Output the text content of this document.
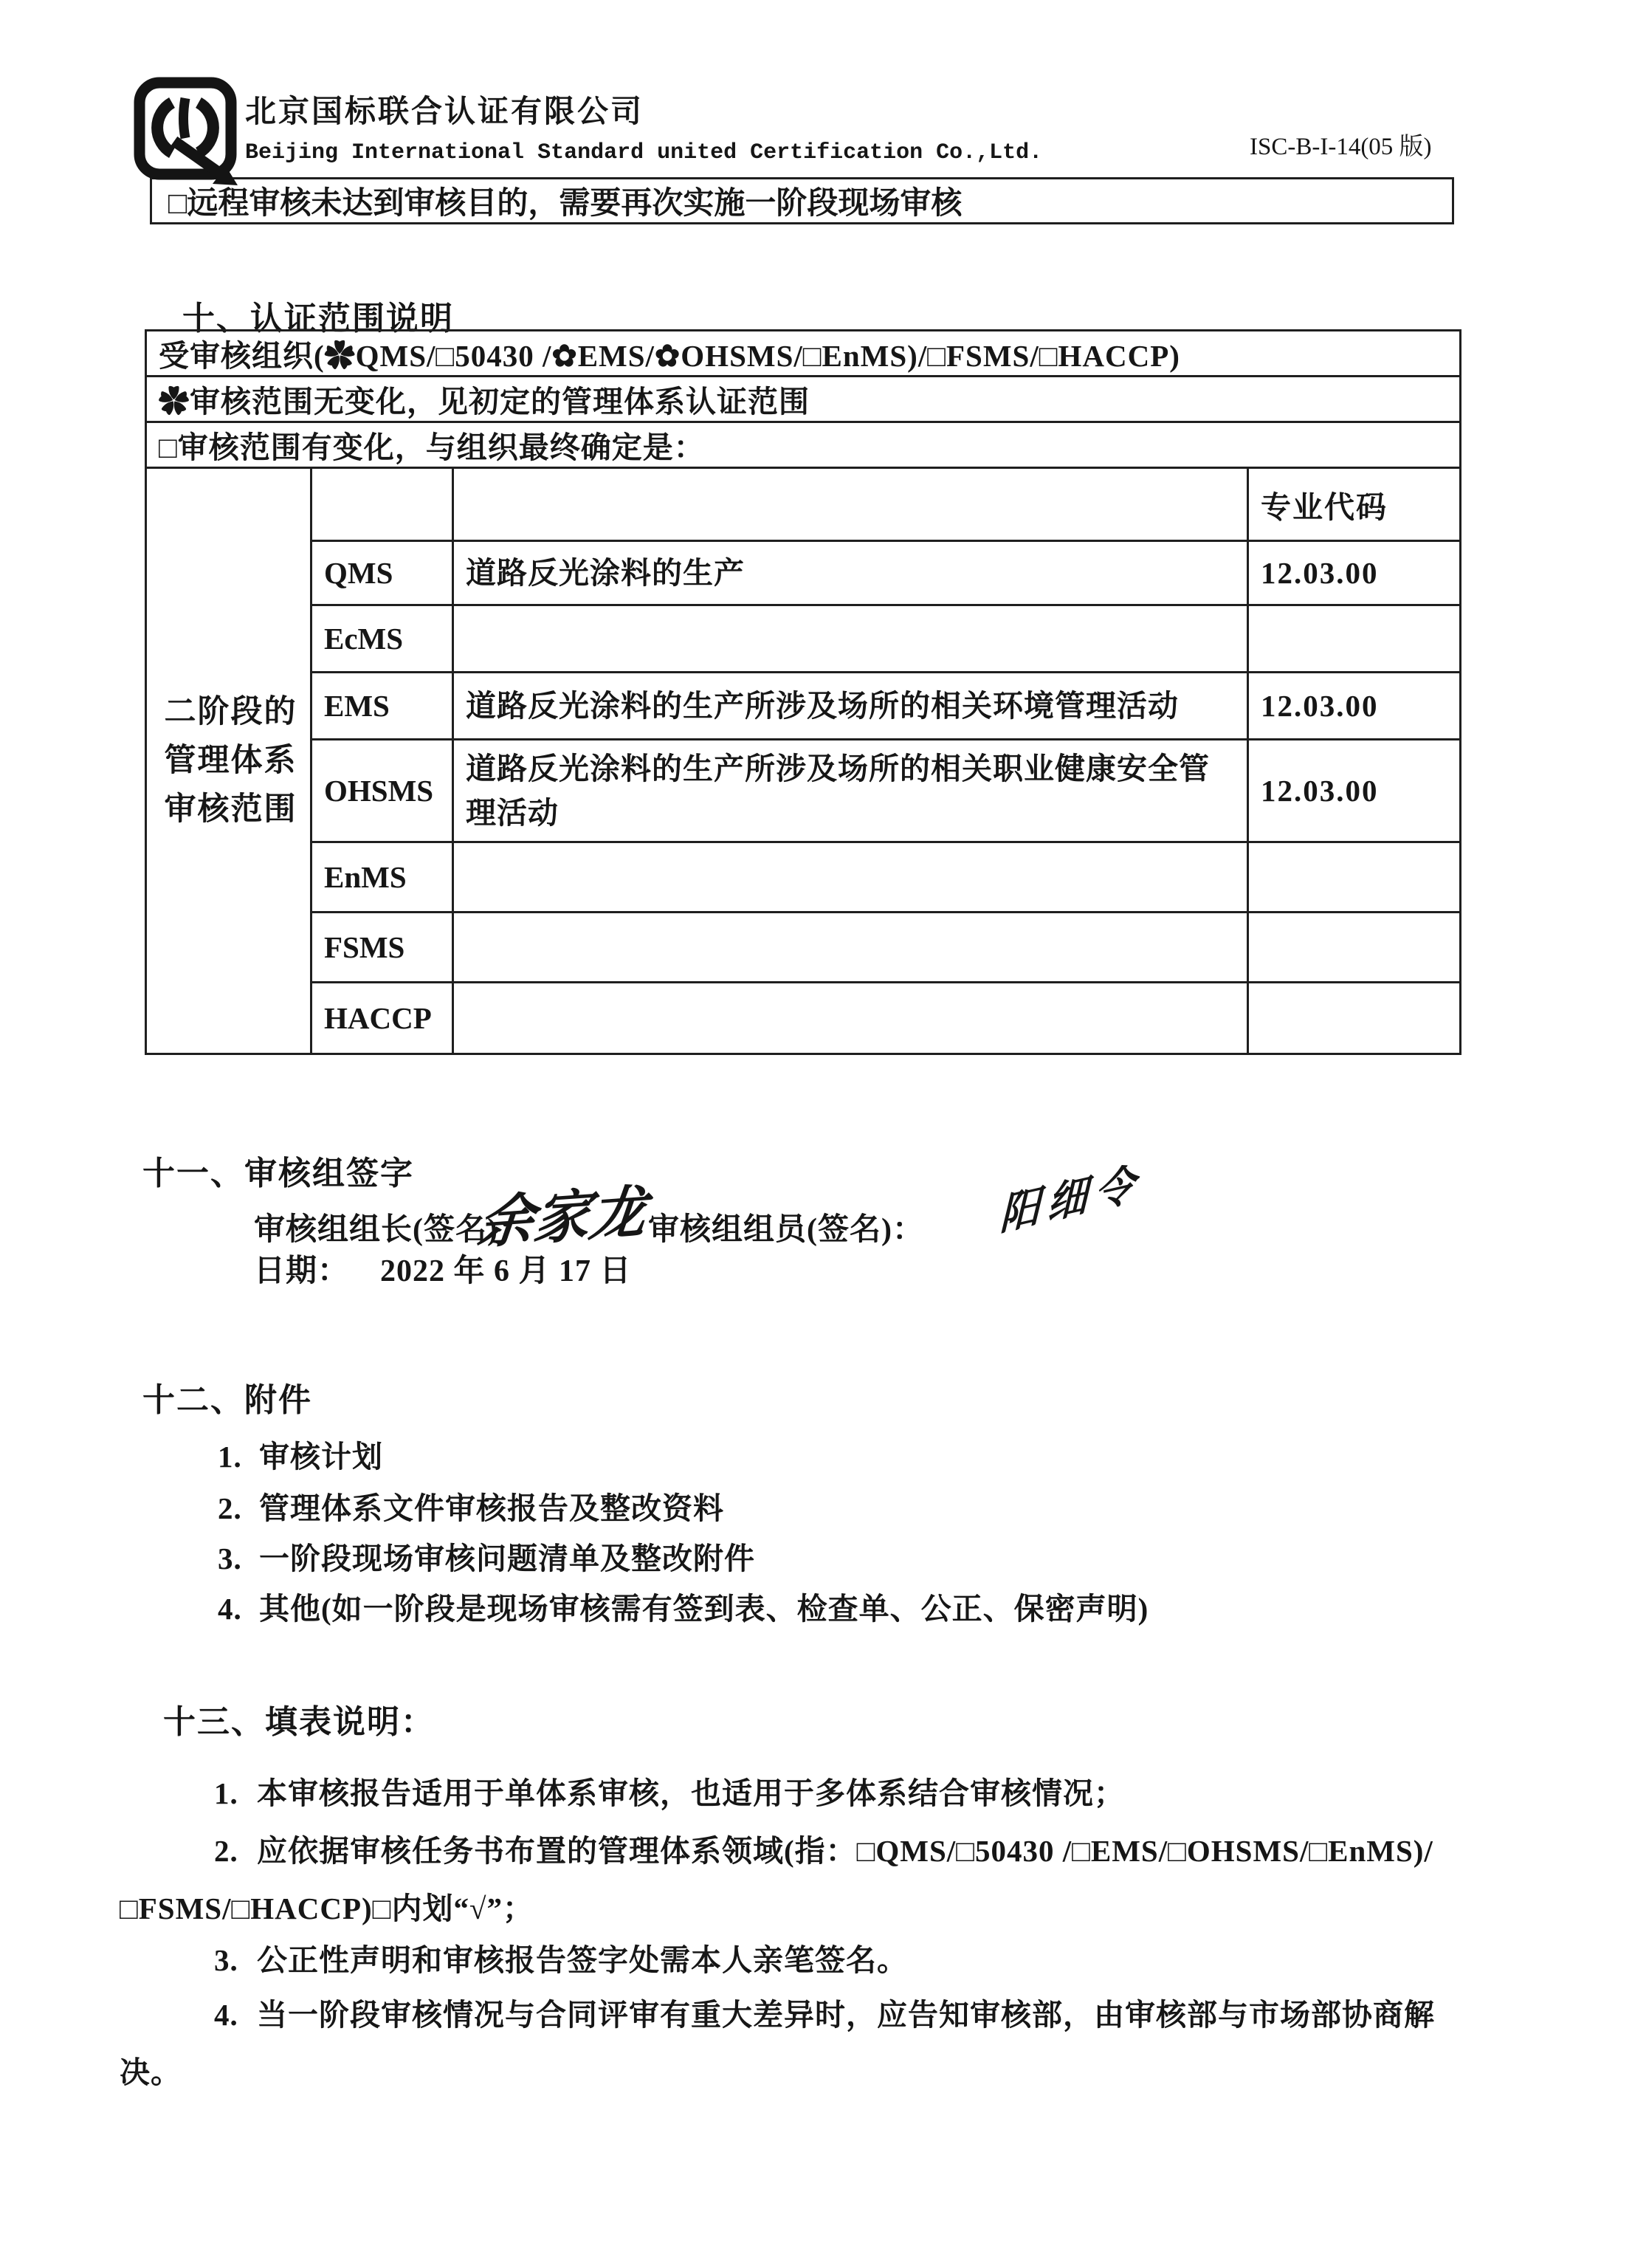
北京国标联合认证有限公司
Beijing International Standard united Certification Co.,Ltd.	ISC-B-I-14(05 版)
□远程审核未达到审核目的，需要再次实施一阶段现场审核
十、认证范围说明
受审核组织(✿QMS/□50430 /✿EMS/✿OHSMS/□EnMS)/□FSMS/□HACCP)			
✿审核范围无变化，见初定的管理体系认证范围			
□审核范围有变化，与组织最终确定是：			

二阶段的管理体系审核范围			专业代码
	QMS	道路反光涂料的生产	12.03.00
	EcMS		
	EMS	道路反光涂料的生产所涉及场所的相关环境管理活动	12.03.00
	OHSMS	道路反光涂料的生产所涉及场所的相关职业健康安全管理活动	12.03.00
	EnMS		
	FSMS		
	HACCP		
十一、审核组签字
审核组组长(签名)：
余家龙
审核组组员(签名)： 阳细令
日期： 2022 年 6 月 17 日
十二、附件
1. 审核计划
2. 管理体系文件审核报告及整改资料
3. 一阶段现场审核问题清单及整改附件
4. 其他(如一阶段是现场审核需有签到表、检查单、公正、保密声明)
十三、填表说明：
1. 本审核报告适用于单体系审核，也适用于多体系结合审核情况；
2. 应依据审核任务书布置的管理体系领域(指：□QMS/□50430 /□EMS/□OHSMS/□EnMS)/□FSMS/□HACCP)□内划“√”；
3. 公正性声明和审核报告签字处需本人亲笔签名。
4. 当一阶段审核情况与合同评审有重大差异时，应告知审核部，由审核部与市场部协商解决。
